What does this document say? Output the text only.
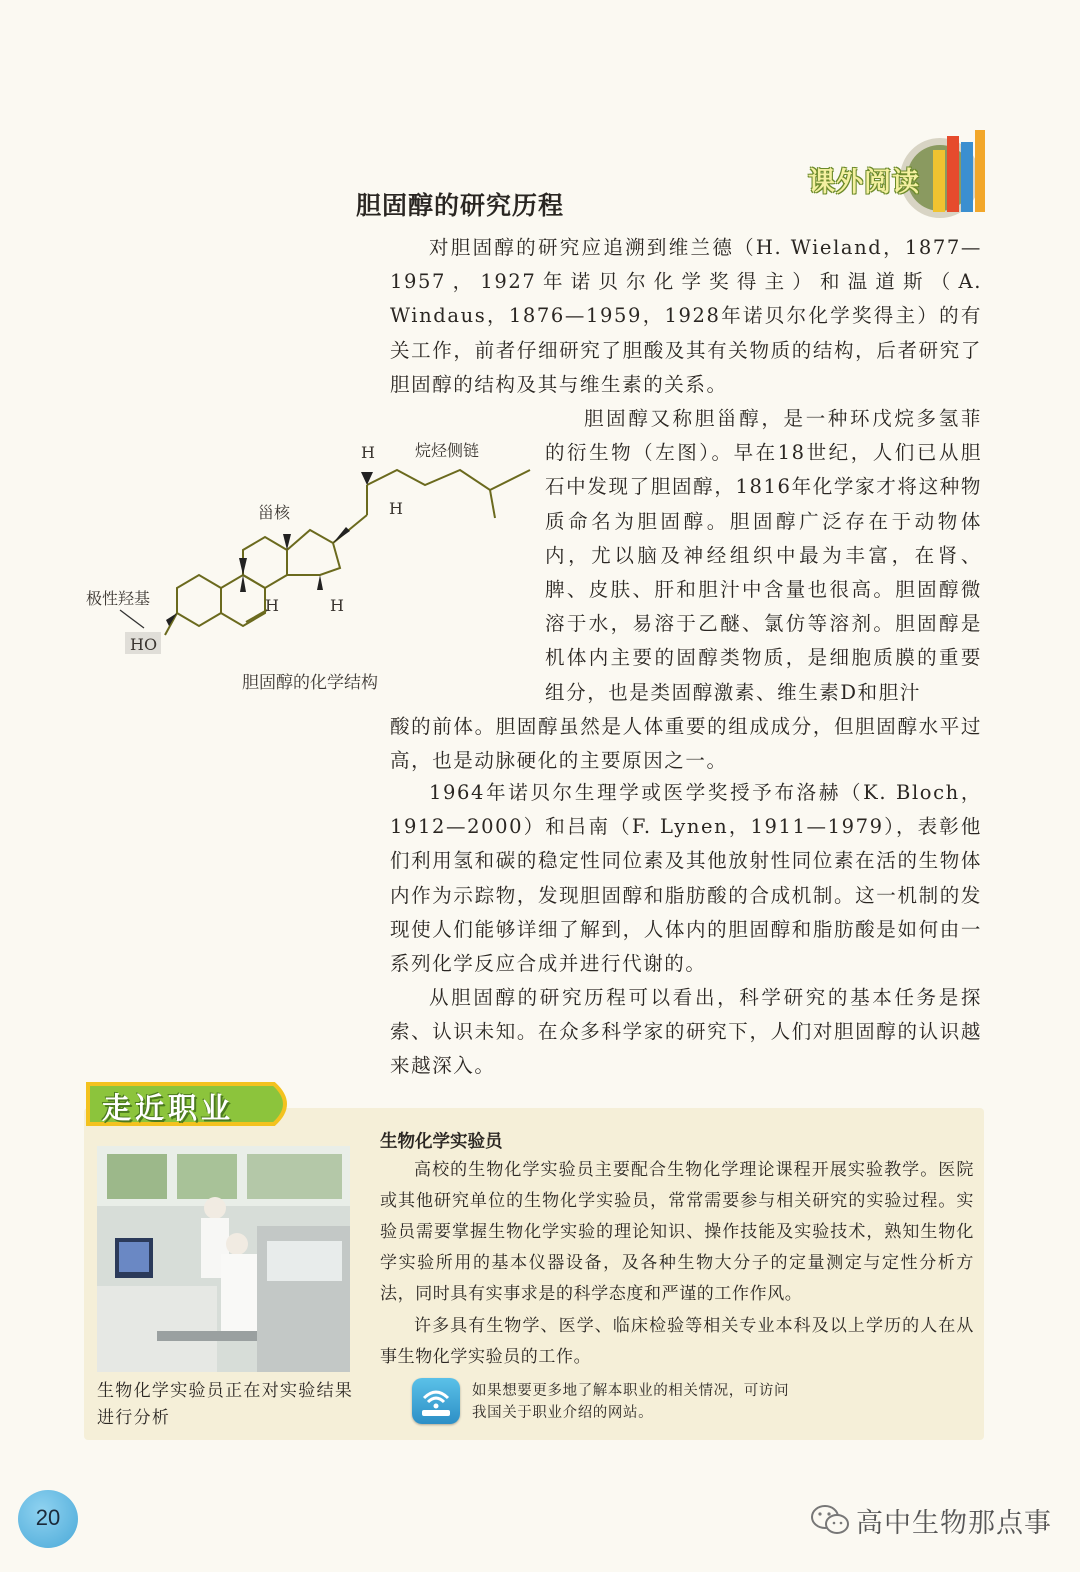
课外阅读
胆固醇的研究历程

对胆固醇的研究应追溯到维兰德（H. Wieland，1877—1957，1927年诺贝尔化学奖得主）和温道斯（A. Windaus，1876—1959，1928年诺贝尔化学奖得主）的有关工作，前者仔细研究了胆酸及其有关物质的结构，后者研究了胆固醇的结构及其与维生素的关系。

胆固醇又称胆甾醇，是一种环戊烷多氢菲的衍生物（左图）。早在18世纪，人们已从胆石中发现了胆固醇，1816年化学家才将这种物质命名为胆固醇。胆固醇广泛存在于动物体内，尤以脑及神经组织中最为丰富，在肾、脾、皮肤、肝和胆汁中含量也很高。胆固醇微溶于水，易溶于乙醚、氯仿等溶剂。胆固醇是机体内主要的固醇类物质，是细胞质膜的重要组分，也是类固醇激素、维生素D和胆汁

酸的前体。胆固醇虽然是人体重要的组成成分，但胆固醇水平过高，也是动脉硬化的主要原因之一。

H
H
H	H
烷烃侧链
甾核
极性羟基
HO
胆固醇的化学结构

1964年诺贝尔生理学或医学奖授予布洛赫（K. Bloch，1912—2000）和吕南（F. Lynen，1911—1979），表彰他们利用氢和碳的稳定性同位素及其他放射性同位素在活的生物体内作为示踪物，发现胆固醇和脂肪酸的合成机制。这一机制的发现使人们能够详细了解到，人体内的胆固醇和脂肪酸是如何由一系列化学反应合成并进行代谢的。

从胆固醇的研究历程可以看出，科学研究的基本任务是探索、认识未知。在众多科学家的研究下，人们对胆固醇的认识越来越深入。

走近职业
生物化学实验员正在对实验结果进行分析
生物化学实验员

高校的生物化学实验员主要配合生物化学理论课程开展实验教学。医院或其他研究单位的生物化学实验员，常常需要参与相关研究的实验过程。实验员需要掌握生物化学实验的理论知识、操作技能及实验技术，熟知生物化学实验所用的基本仪器设备，及各种生物大分子的定量测定与定性分析方法，同时具有实事求是的科学态度和严谨的工作作风。

许多具有生物学、医学、临床检验等相关专业本科及以上学历的人在从事生物化学实验员的工作。

如果想要更多地了解本职业的相关情况，可访问我国关于职业介绍的网站。
20	高中生物那点事
